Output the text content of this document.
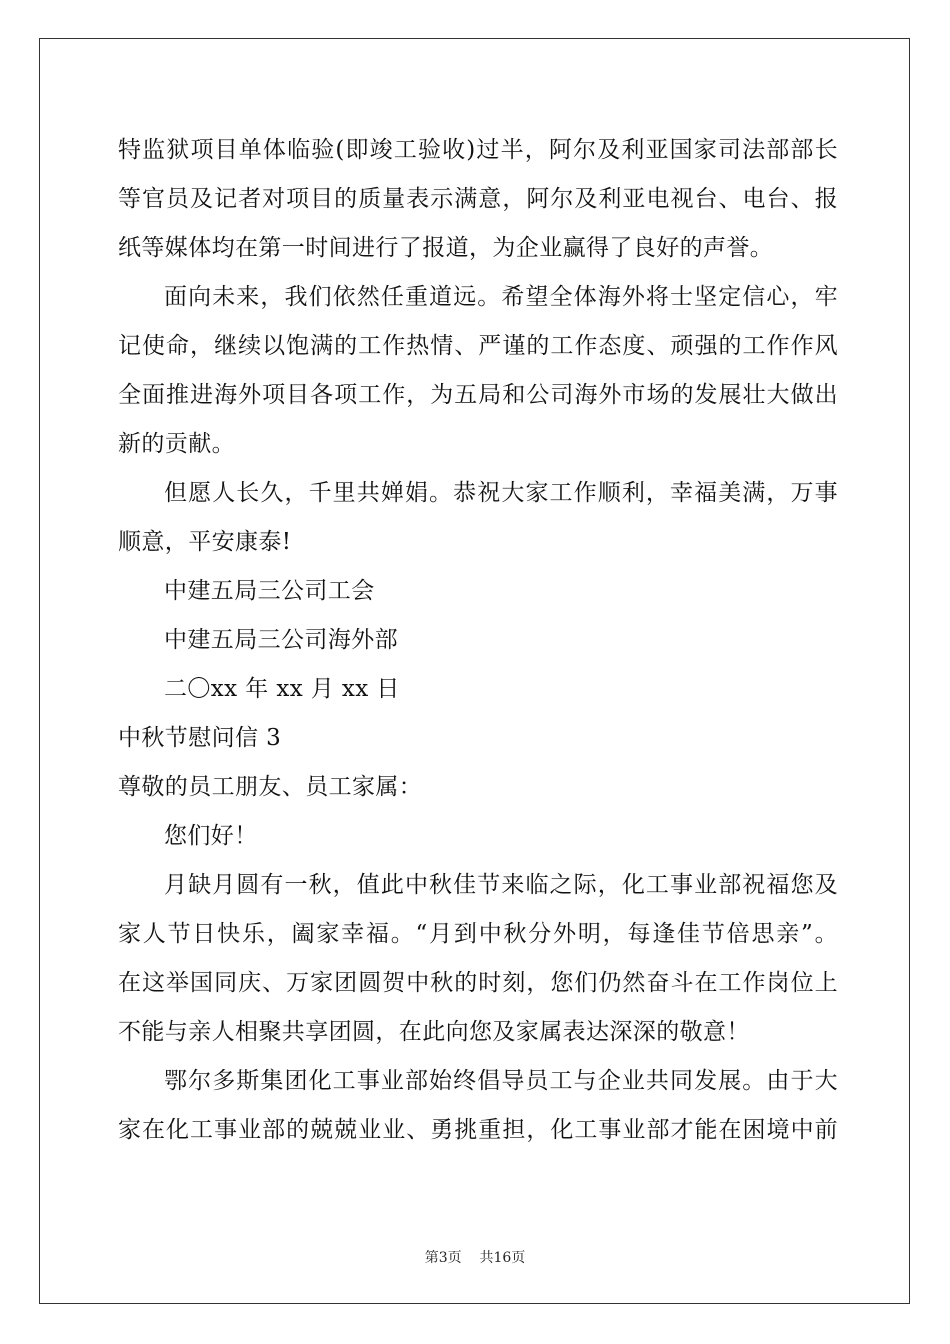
特监狱项目单体临验(即竣工验收)过半，阿尔及利亚国家司法部部长
等官员及记者对项目的质量表示满意，阿尔及利亚电视台、电台、报
纸等媒体均在第一时间进行了报道，为企业赢得了良好的声誉。
面向未来，我们依然任重道远。希望全体海外将士坚定信心，牢
记使命，继续以饱满的工作热情、严谨的工作态度、顽强的工作作风
全面推进海外项目各项工作，为五局和公司海外市场的发展壮大做出
新的贡献。
但愿人长久，千里共婵娟。恭祝大家工作顺利，幸福美满，万事
顺意，平安康泰!
中建五局三公司工会
中建五局三公司海外部
二〇xx 年 xx 月 xx 日
中秋节慰问信 3
尊敬的员工朋友、员工家属：
您们好！
月缺月圆有一秋，值此中秋佳节来临之际，化工事业部祝福您及
家人节日快乐，阖家幸福。“月到中秋分外明，每逢佳节倍思亲”。
在这举国同庆、万家团圆贺中秋的时刻，您们仍然奋斗在工作岗位上
不能与亲人相聚共享团圆，在此向您及家属表达深深的敬意！
鄂尔多斯集团化工事业部始终倡导员工与企业共同发展。由于大
家在化工事业部的兢兢业业、勇挑重担，化工事业部才能在困境中前
第3页 共16页
